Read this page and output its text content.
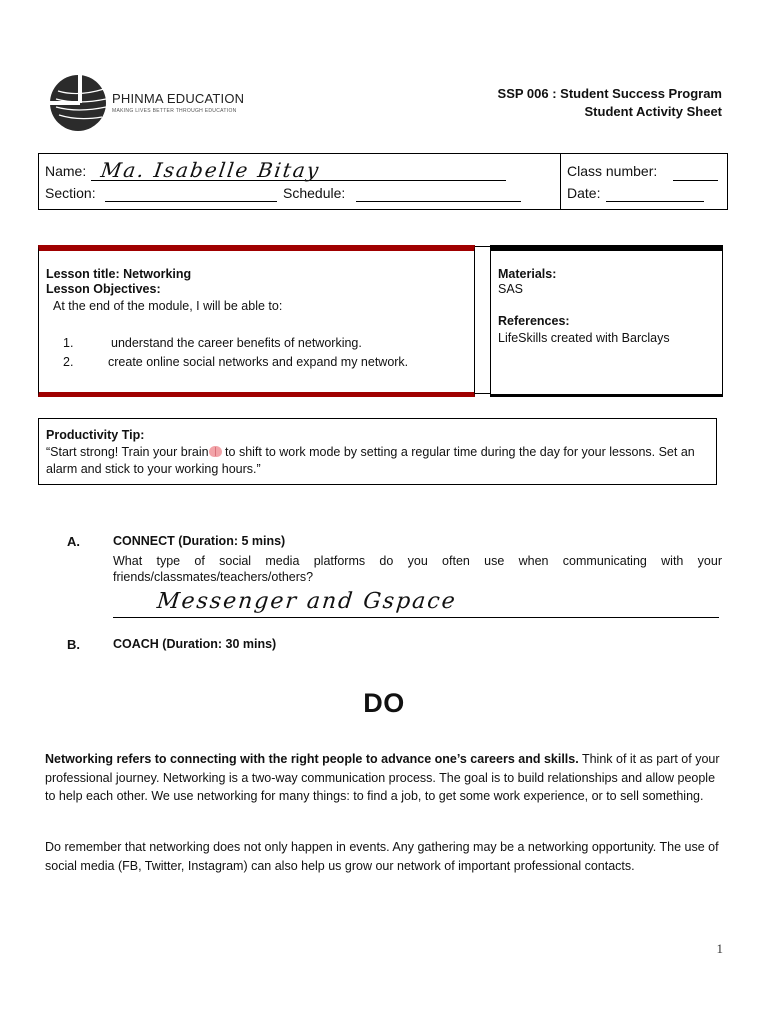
PHINMA EDUCATION
MAKING LIVES BETTER THROUGH EDUCATION
SSP 006 : Student Success Program
Student Activity Sheet
Name: Ma. Isabelle Bitay
Section:	Schedule:
Class number:
Date:
Lesson title: Networking
Lesson Objectives:
At the end of the module, I will be able to:
1.	understand the career benefits of networking.
2.	create online social networks and expand my network.
Materials:
SAS
References:
LifeSkills created with Barclays
Productivity Tip:
“Start strong! Train your brain to shift to work mode by setting a regular time during the day for your lessons. Set an alarm and stick to your working hours.”
A.	CONNECT (Duration: 5 mins)
What type of social media platforms do you often use when communicating with your
friends/classmates/teachers/others?
Messenger and Gspace
B.	COACH (Duration: 30 mins)
DO
Networking refers to connecting with the right people to advance one’s careers and skills. Think of it as part of your professional journey. Networking is a two-way communication process. The goal is to build relationships and allow people to help each other. We use networking for many things: to find a job, to get some work experience, or to sell something.
Do remember that networking does not only happen in events. Any gathering may be a networking opportunity. The use of social media (FB, Twitter, Instagram) can also help us grow our network of important professional contacts.
1
